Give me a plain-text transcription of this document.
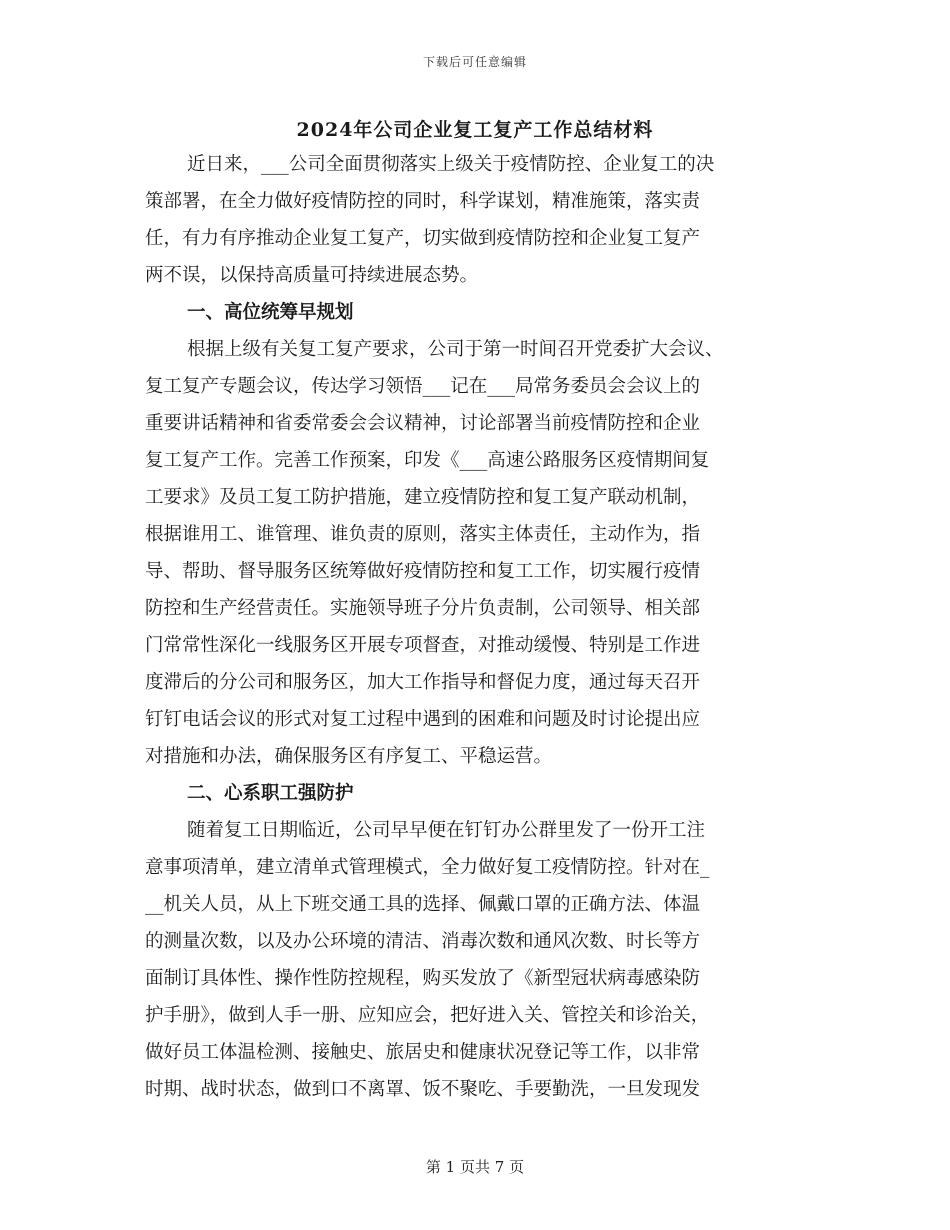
下载后可任意编辑
2024年公司企业复工复产工作总结材料
近日来，___公司全面贯彻落实上级关于疫情防控、企业复工的决
策部署，在全力做好疫情防控的同时，科学谋划，精准施策，落实责
任，有力有序推动企业复工复产，切实做到疫情防控和企业复工复产
两不误，以保持高质量可持续进展态势。
一、高位统筹早规划
根据上级有关复工复产要求，公司于第一时间召开党委扩大会议、
复工复产专题会议，传达学习领悟___记在___局常务委员会会议上的
重要讲话精神和省委常委会会议精神，讨论部署当前疫情防控和企业
复工复产工作。完善工作预案，印发《___高速公路服务区疫情期间复
工要求》及员工复工防护措施，建立疫情防控和复工复产联动机制，
根据谁用工、谁管理、谁负责的原则，落实主体责任，主动作为，指
导、帮助、督导服务区统筹做好疫情防控和复工工作，切实履行疫情
防控和生产经营责任。实施领导班子分片负责制，公司领导、相关部
门常常性深化一线服务区开展专项督查，对推动缓慢、特别是工作进
度滞后的分公司和服务区，加大工作指导和督促力度，通过每天召开
钉钉电话会议的形式对复工过程中遇到的困难和问题及时讨论提出应
对措施和办法，确保服务区有序复工、平稳运营。
二、心系职工强防护
随着复工日期临近，公司早早便在钉钉办公群里发了一份开工注
意事项清单，建立清单式管理模式，全力做好复工疫情防控。针对在_
__机关人员，从上下班交通工具的选择、佩戴口罩的正确方法、体温
的测量次数，以及办公环境的清洁、消毒次数和通风次数、时长等方
面制订具体性、操作性防控规程，购买发放了《新型冠状病毒感染防
护手册》，做到人手一册、应知应会，把好进入关、管控关和诊治关，
做好员工体温检测、接触史、旅居史和健康状况登记等工作，以非常
时期、战时状态，做到口不离罩、饭不聚吃、手要勤洗，一旦发现发
第 1 页共 7 页
